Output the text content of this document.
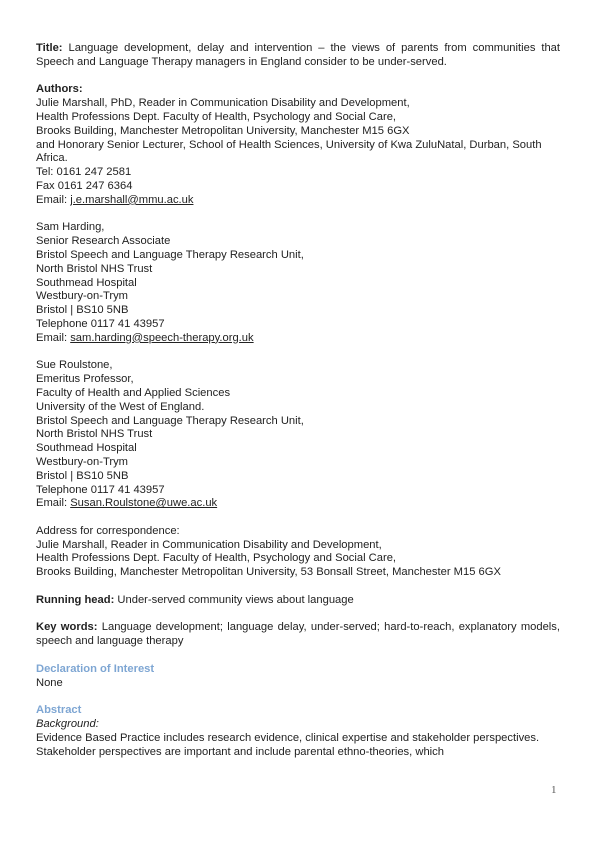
Title: Language development, delay and intervention – the views of parents from communities that Speech and Language Therapy managers in England consider to be under-served.
Authors:
Julie Marshall, PhD, Reader in Communication Disability and Development,
Health Professions Dept. Faculty of Health, Psychology and Social Care,
Brooks Building, Manchester Metropolitan University, Manchester M15 6GX
and Honorary Senior Lecturer, School of Health Sciences, University of Kwa ZuluNatal, Durban, South Africa.
Tel: 0161 247 2581
Fax 0161 247 6364
Email: j.e.marshall@mmu.ac.uk
Sam Harding,
Senior Research Associate
Bristol Speech and Language Therapy Research Unit,
North Bristol NHS Trust
Southmead Hospital
Westbury-on-Trym
Bristol | BS10 5NB
Telephone 0117 41 43957
Email: sam.harding@speech-therapy.org.uk
Sue Roulstone,
Emeritus Professor,
Faculty of Health and Applied Sciences
University of the West of England.
Bristol Speech and Language Therapy Research Unit,
North Bristol NHS Trust
Southmead Hospital
Westbury-on-Trym
Bristol | BS10 5NB
Telephone 0117 41 43957
Email: Susan.Roulstone@uwe.ac.uk
Address for correspondence:
Julie Marshall, Reader in Communication Disability and Development,
Health Professions Dept. Faculty of Health, Psychology and Social Care,
Brooks Building, Manchester Metropolitan University, 53 Bonsall Street, Manchester M15 6GX
Running head: Under-served community views about language
Key words: Language development; language delay, under-served; hard-to-reach, explanatory models, speech and language therapy
Declaration of Interest
None
Abstract
Background:
Evidence Based Practice includes research evidence, clinical expertise and stakeholder perspectives. Stakeholder perspectives are important and include parental ethno-theories, which
1
